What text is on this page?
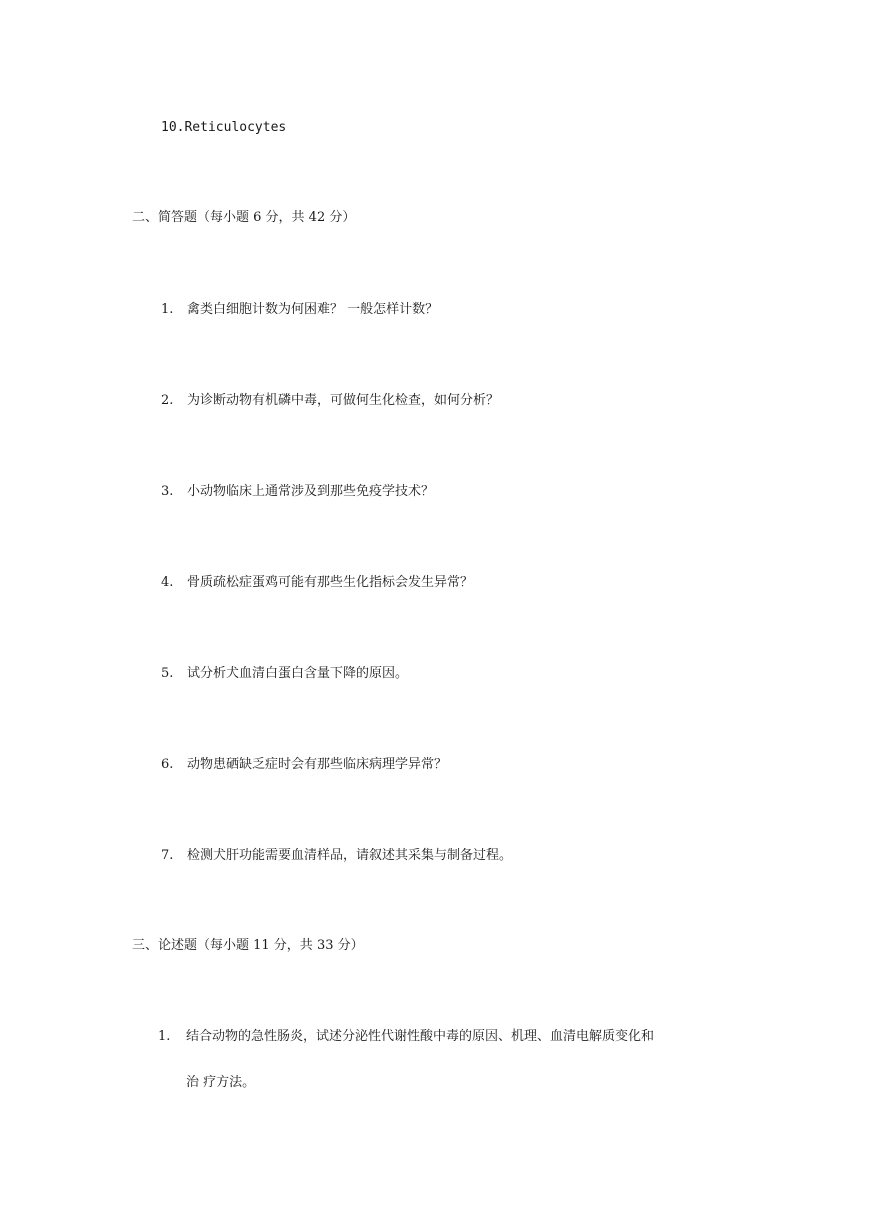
10.Reticulocytes
二、简答题（每小题 6 分，共 42 分）
1. 禽类白细胞计数为何困难？ 一般怎样计数？
2. 为诊断动物有机磷中毒，可做何生化检查，如何分析？
3. 小动物临床上通常涉及到那些免疫学技术？
4. 骨质疏松症蛋鸡可能有那些生化指标会发生异常？
5. 试分析犬血清白蛋白含量下降的原因。
6. 动物患硒缺乏症时会有那些临床病理学异常？
7. 检测犬肝功能需要血清样品，请叙述其采集与制备过程。
三、论述题（每小题 11 分，共 33 分）
1. 结合动物的急性肠炎，试述分泌性代谢性酸中毒的原因、机理、血清电解质变化和
治 疗方法。
